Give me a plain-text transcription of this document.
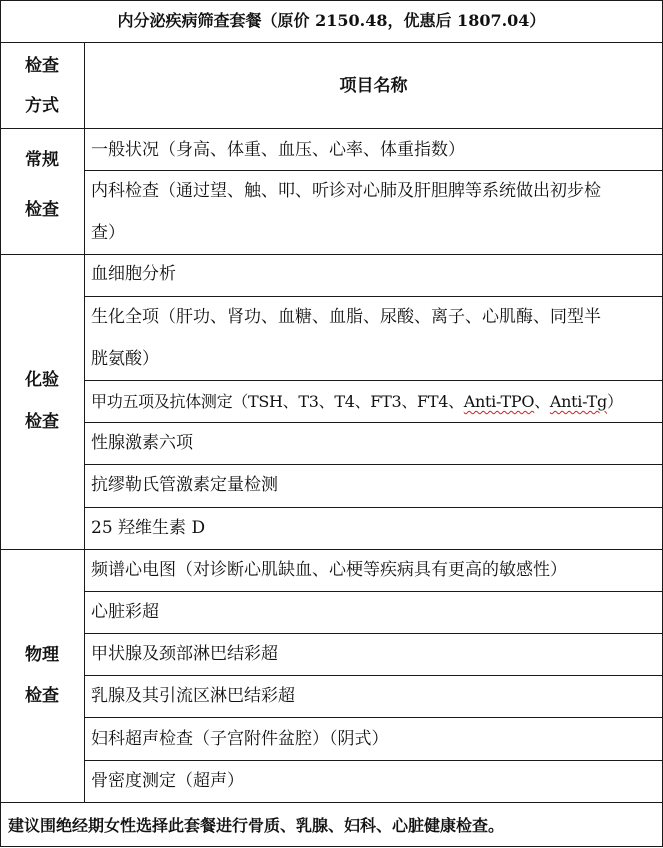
内分泌疾病筛查套餐（原价 2150.48，优惠后 1807.04）
检查
方式
项目名称
常规
检查
一般状况（身高、体重、血压、心率、体重指数）
内科检查（通过望、触、叩、听诊对心肺及肝胆脾等系统做出初步检
查）
化验
检查
血细胞分析
生化全项（肝功、肾功、血糖、血脂、尿酸、离子、心肌酶、同型半
胱氨酸）
甲功五项及抗体测定（TSH、T3、T4、FT3、FT4、Anti-TPO、Anti-Tg）
性腺激素六项
抗缪勒氏管激素定量检测
25 羟维生素 D
物理
检查
频谱心电图（对诊断心肌缺血、心梗等疾病具有更高的敏感性）
心脏彩超
甲状腺及颈部淋巴结彩超
乳腺及其引流区淋巴结彩超
妇科超声检查（子宫附件盆腔）（阴式）
骨密度测定（超声）
建议围绝经期女性选择此套餐进行骨质、乳腺、妇科、心脏健康检查。
